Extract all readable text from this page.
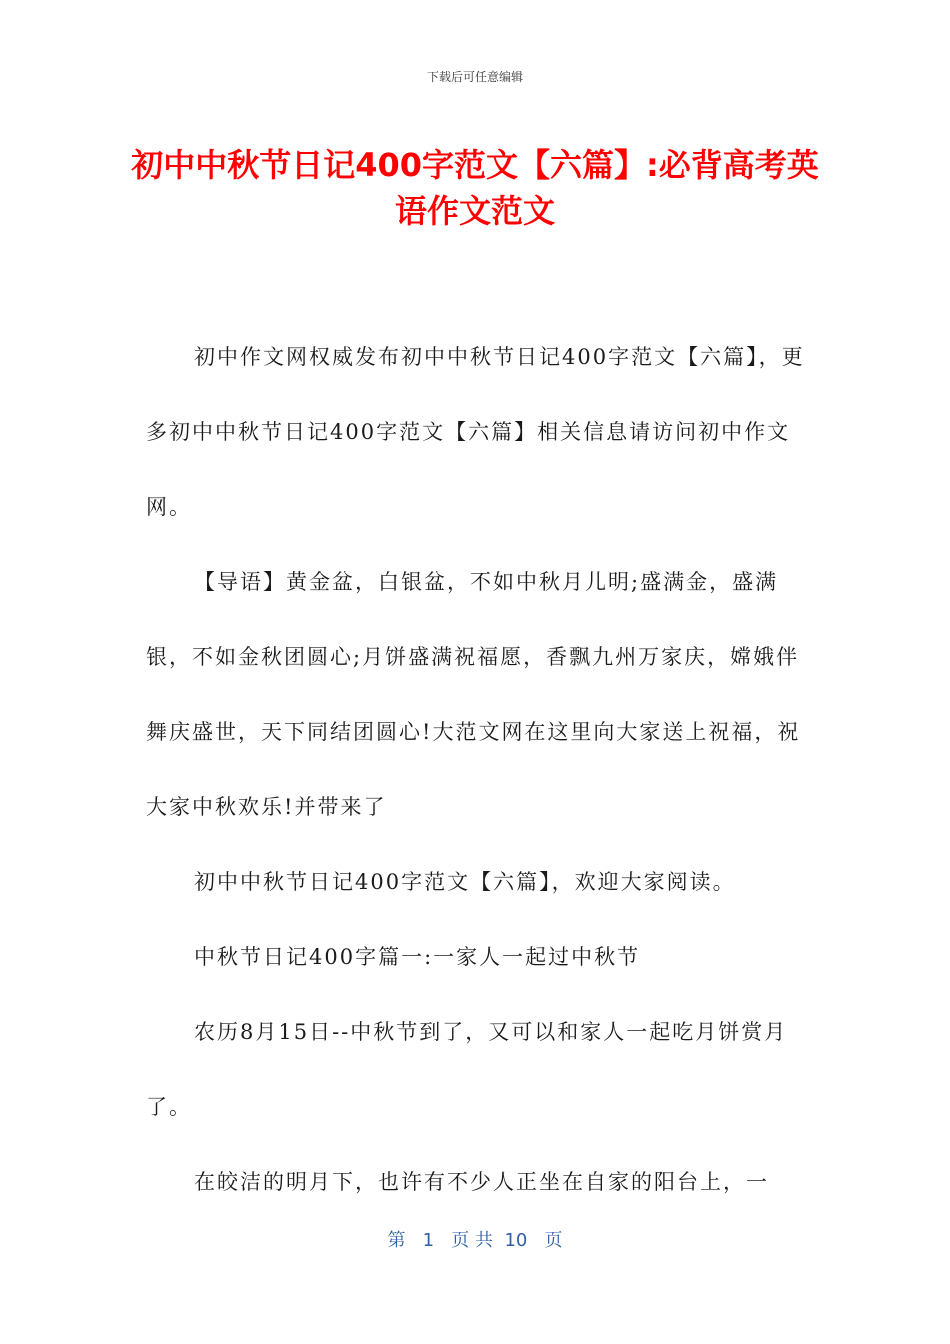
下载后可任意编辑
初中中秋节日记400字范文【六篇】:必背高考英语作文范文

初中作文网权威发布初中中秋节日记400字范文【六篇】，更多初中中秋节日记400字范文【六篇】相关信息请访问初中作文网。

【导语】黄金盆，白银盆，不如中秋月儿明;盛满金，盛满银，不如金秋团圆心;月饼盛满祝福愿，香飘九州万家庆，嫦娥伴舞庆盛世，天下同结团圆心!大范文网在这里向大家送上祝福，祝大家中秋欢乐!并带来了

初中中秋节日记400字范文【六篇】，欢迎大家阅读。

中秋节日记400字篇一:一家人一起过中秋节

农历8月15日--中秋节到了，又可以和家人一起吃月饼赏月了。

在皎洁的明月下，也许有不少人正坐在自家的阳台上，一

第 1 页 共 10 页
